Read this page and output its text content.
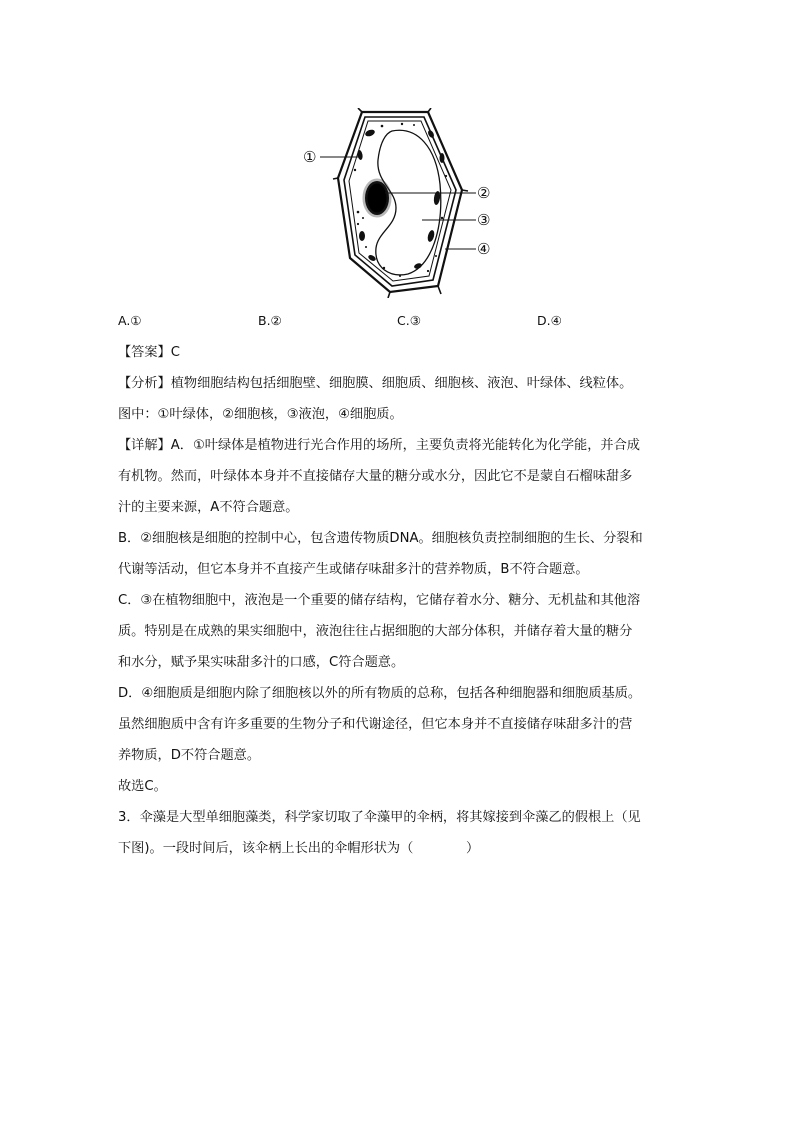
①
②
③
④
A.①	B.②	C.③	D.④
【答案】C
【分析】植物细胞结构包括细胞壁、细胞膜、细胞质、细胞核、液泡、叶绿体、线粒体。
图中：①叶绿体，②细胞核，③液泡，④细胞质。
【详解】A．①叶绿体是植物进行光合作用的场所，主要负责将光能转化为化学能，并合成
有机物。然而，叶绿体本身并不直接储存大量的糖分或水分，因此它不是蒙自石榴味甜多
汁的主要来源，A不符合题意。
B．②细胞核是细胞的控制中心，包含遗传物质DNA。细胞核负责控制细胞的生长、分裂和
代谢等活动，但它本身并不直接产生或储存味甜多汁的营养物质，B不符合题意。
C．③在植物细胞中，液泡是一个重要的储存结构，它储存着水分、糖分、无机盐和其他溶
质。特别是在成熟的果实细胞中，液泡往往占据细胞的大部分体积，并储存着大量的糖分
和水分，赋予果实味甜多汁的口感，C符合题意。
D．④细胞质是细胞内除了细胞核以外的所有物质的总称，包括各种细胞器和细胞质基质。
虽然细胞质中含有许多重要的生物分子和代谢途径，但它本身并不直接储存味甜多汁的营
养物质，D不符合题意。
故选C。
3．伞藻是大型单细胞藻类，科学家切取了伞藻甲的伞柄，将其嫁接到伞藻乙的假根上（见
下图)。一段时间后，该伞柄上长出的伞帽形状为（　　　　）
